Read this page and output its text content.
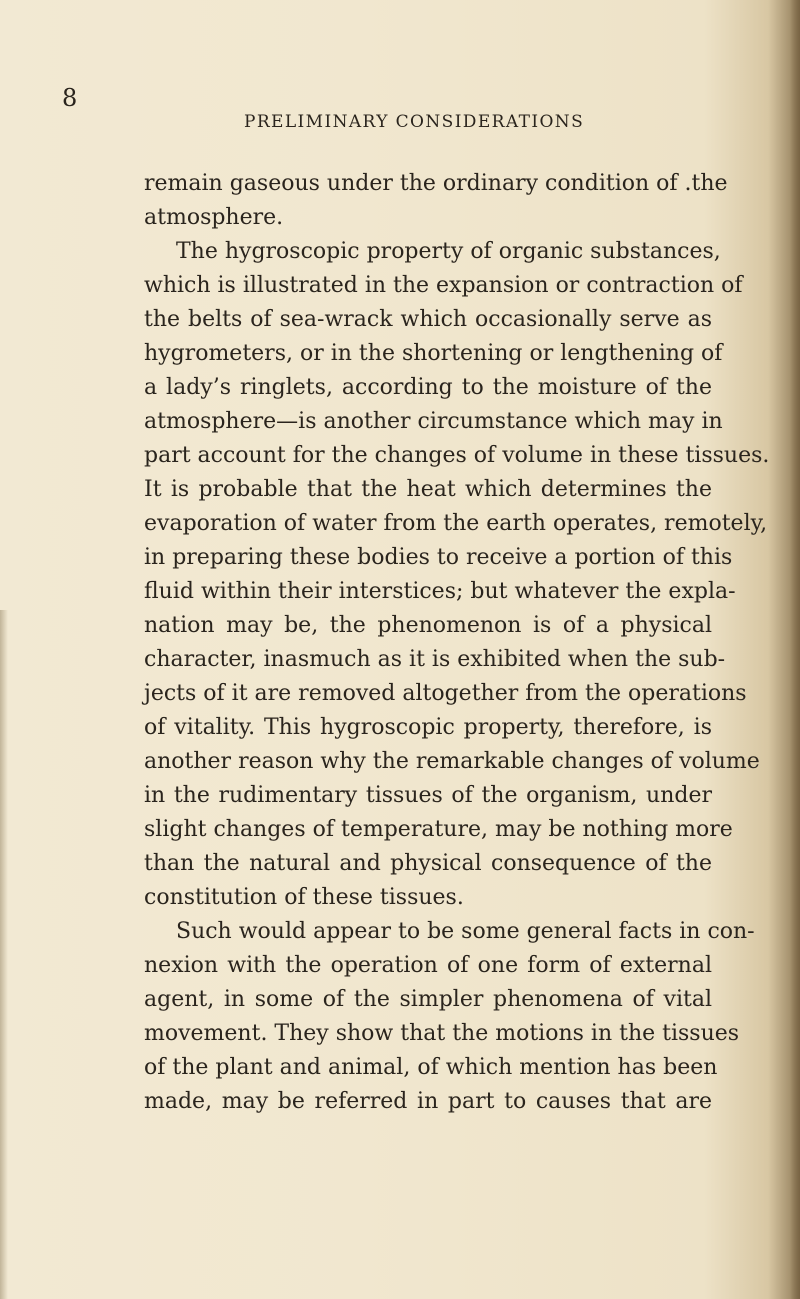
8
PRELIMINARY CONSIDERATIONS
remain gaseous under the ordinary condition of .the
atmosphere.
The hygroscopic property of organic substances,
which is illustrated in the expansion or contraction of
the belts of sea-wrack which occasionally serve as
hygrometers, or in the shortening or lengthening of
a lady’s ringlets, according to the moisture of the
atmosphere—is another circumstance which may in
part account for the changes of volume in these tissues.
It is probable that the heat which determines the
evaporation of water from the earth operates, remotely,
in preparing these bodies to receive a portion of this
fluid within their interstices; but whatever the expla-
nation may be, the phenomenon is of a physical
character, inasmuch as it is exhibited when the sub-
jects of it are removed altogether from the operations
of vitality. This hygroscopic property, therefore, is
another reason why the remarkable changes of volume
in the rudimentary tissues of the organism, under
slight changes of temperature, may be nothing more
than the natural and physical consequence of the
constitution of these tissues.
Such would appear to be some general facts in con-
nexion with the operation of one form of external
agent, in some of the simpler phenomena of vital
movement. They show that the motions in the tissues
of the plant and animal, of which mention has been
made, may be referred in part to causes that are
